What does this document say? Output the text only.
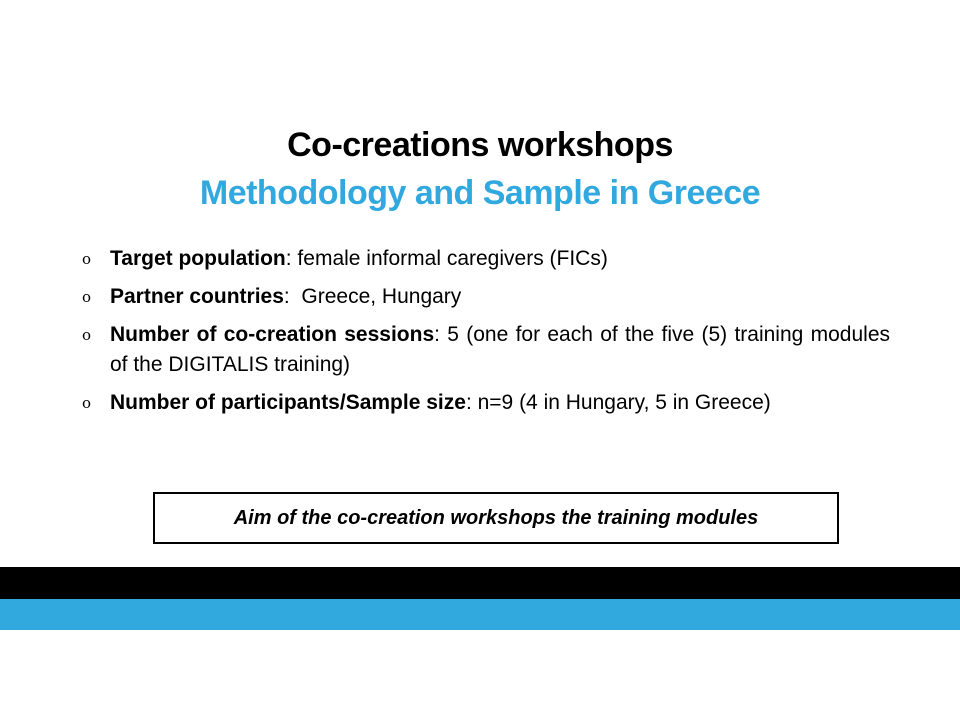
Co-creations workshops
Methodology and Sample in Greece
o Target population: female informal caregivers (FICs)
o Partner countries:  Greece, Hungary
o Number of co-creation sessions: 5 (one for each of the five (5) training modules of the DIGITALIS training)
o Number of participants/Sample size: n=9 (4 in Hungary, 5 in Greece)
Aim of the co-creation workshops the training modules
